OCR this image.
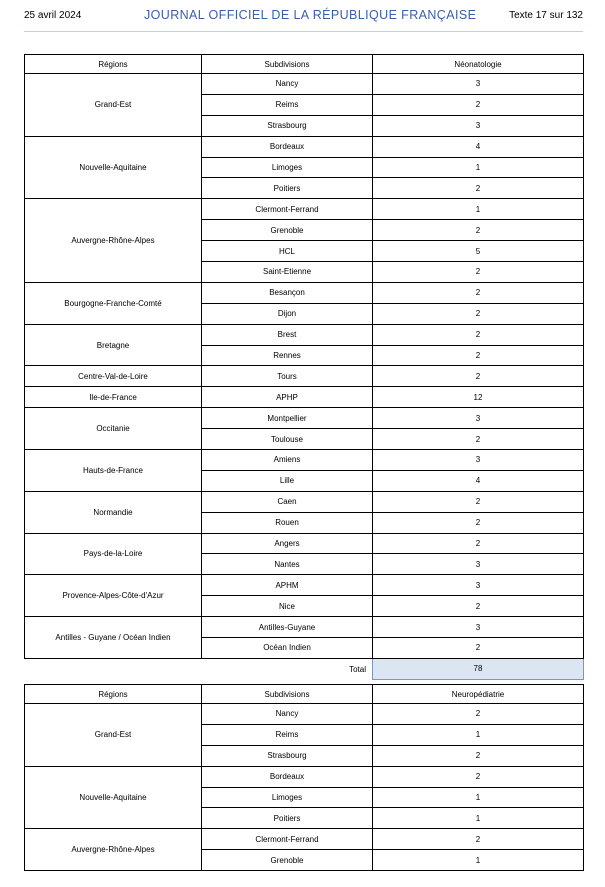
25 avril 2024	JOURNAL OFFICIEL DE LA RÉPUBLIQUE FRANÇAISE	Texte 17 sur 132
Régions	Subdivisions	Néonatologie
Grand-Est	Nancy	3
	Reims	2
	Strasbourg	3
Nouvelle-Aquitaine	Bordeaux	4
	Limoges	1
	Poitiers	2
Auvergne-Rhône-Alpes	Clermont-Ferrand	1
	Grenoble	2
	HCL	5
	Saint-Etienne	2
Bourgogne-Franche-Comté	Besançon	2
	Dijon	2
Bretagne	Brest	2
	Rennes	2
Centre-Val-de-Loire	Tours	2
Ile-de-France	APHP	12
Occitanie	Montpellier	3
	Toulouse	2
Hauts-de-France	Amiens	3
	Lille	4
Normandie	Caen	2
	Rouen	2
Pays-de-la-Loire	Angers	2
	Nantes	3
Provence-Alpes-Côte-d'Azur	APHM	3
	Nice	2
Antilles - Guyane / Océan Indien	Antilles-Guyane	3
	Océan Indien	2
	Total	78
Régions	Subdivisions	Neuropédiatrie
Grand-Est	Nancy	2
	Reims	1
	Strasbourg	2
Nouvelle-Aquitaine	Bordeaux	2
	Limoges	1
	Poitiers	1
Auvergne-Rhône-Alpes	Clermont-Ferrand	2
	Grenoble	1
